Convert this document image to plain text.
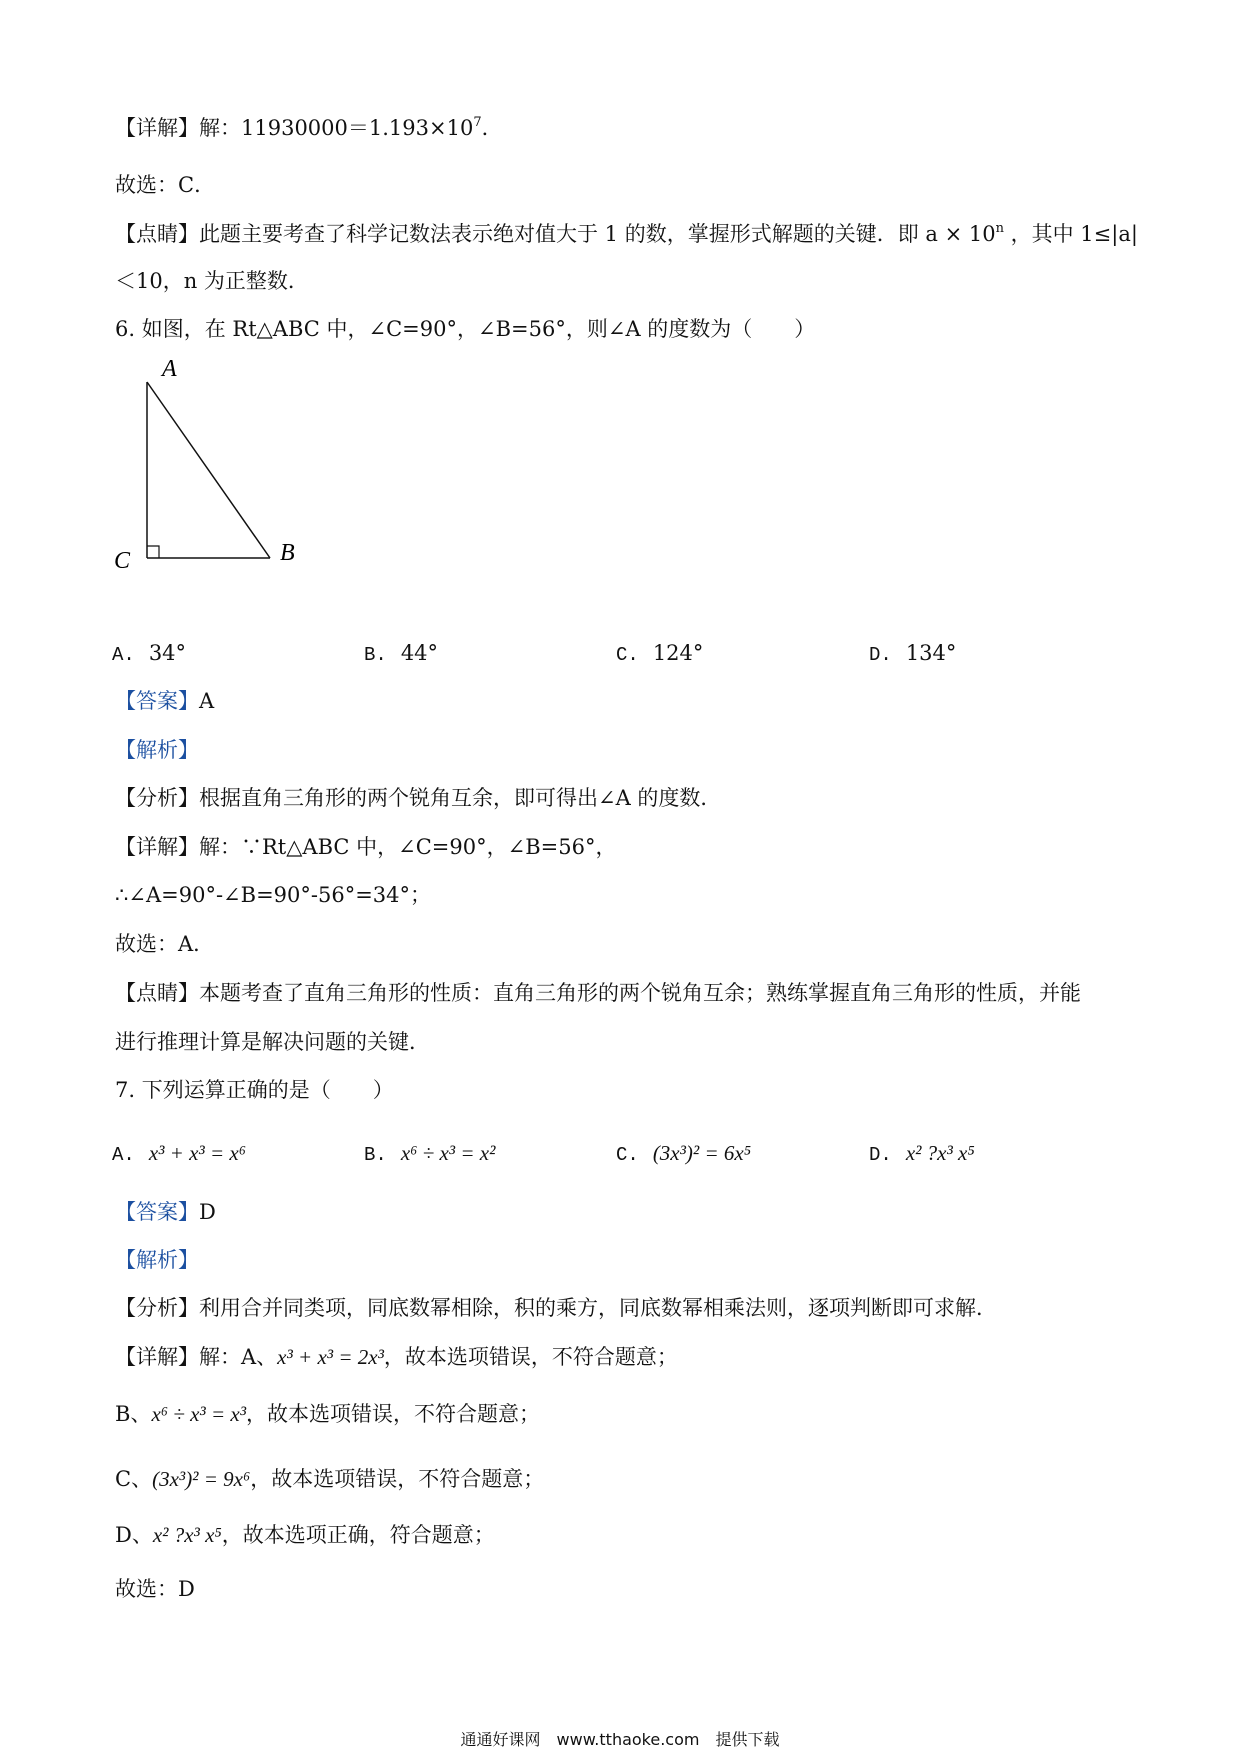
【详解】解：$11930000=1.193\times 10^7$．
故选：C．
【点睛】此题主要考查了科学记数法表示绝对值大于 1 的数，掌握形式解题的关键．即 $a \times 10^n$ ，其中 1≤|a|
＜10，n 为正整数．
6. 如图，在 Rt△ABC 中，∠C=90°，∠B=56°，则∠A 的度数为（　　）
A
C	B
A. 34°	B. 44°	C. 124°	D. 134°
【答案】A
【解析】
【分析】根据直角三角形的两个锐角互余，即可得出∠A 的度数．
【详解】解：∵Rt△ABC 中，∠C=90°，∠B=56°，
∴∠A=90°-∠B=90°-56°=34°；
故选：A．
【点睛】本题考查了直角三角形的性质：直角三角形的两个锐角互余；熟练掌握直角三角形的性质，并能
进行推理计算是解决问题的关键．
7. 下列运算正确的是（　　）
A. x³ + x³ = x⁶	B. x⁶ ÷ x³ = x²	C. (3x³)² = 6x⁵	D. x² ?x³ x⁵
【答案】D
【解析】
【分析】利用合并同类项，同底数幂相除，积的乘方，同底数幂相乘法则，逐项判断即可求解．
【详解】解：A、x³ + x³ = 2x³，故本选项错误，不符合题意；
B、x⁶ ÷ x³ = x³，故本选项错误，不符合题意；
C、(3x³)² = 9x⁶，故本选项错误，不符合题意；
D、x² ?x³ x⁵，故本选项正确，符合题意；
故选：D
通通好课网　www.tthaoke.com　提供下载
